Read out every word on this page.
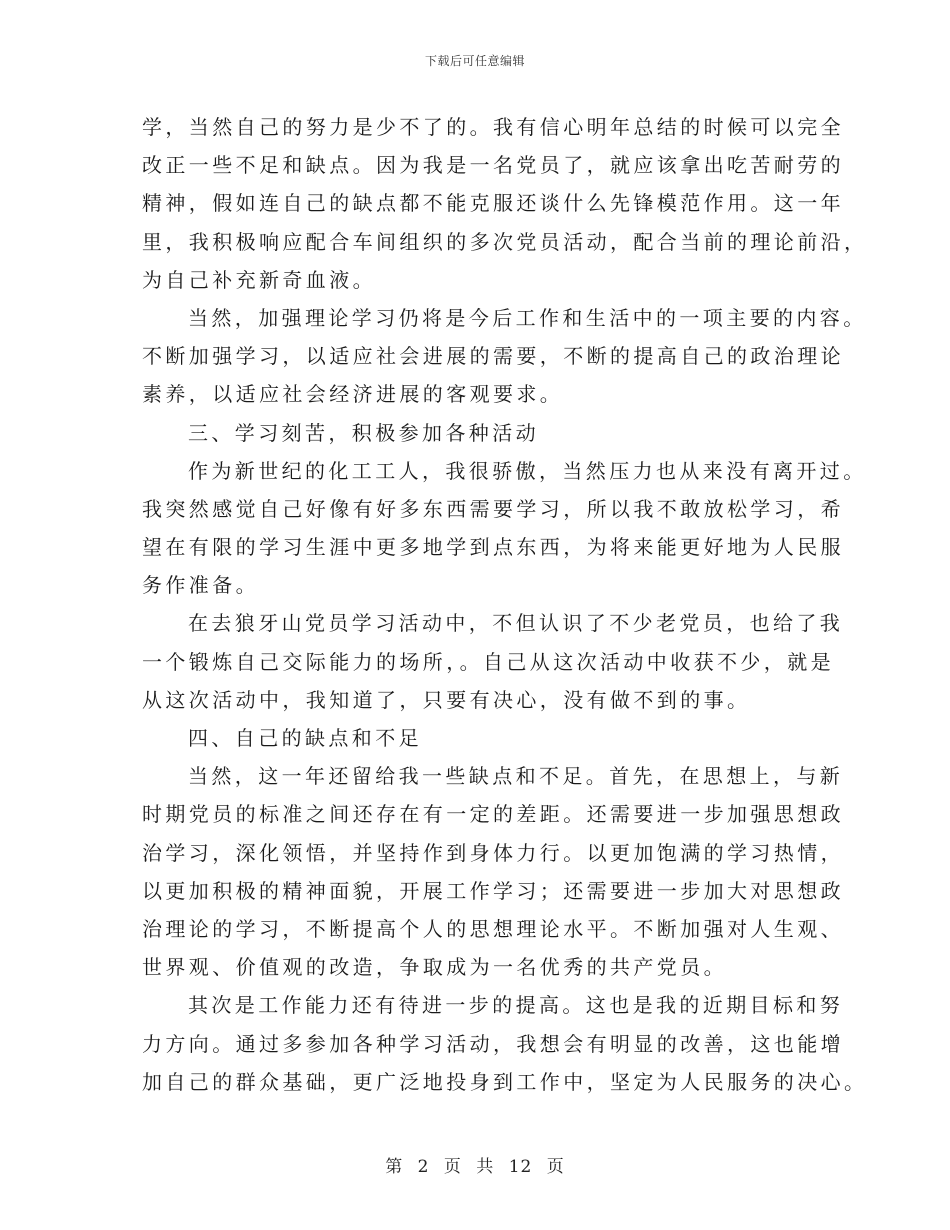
下载后可任意编辑
学，当然自己的努力是少不了的。我有信心明年总结的时候可以完全
改正一些不足和缺点。因为我是一名党员了，就应该拿出吃苦耐劳的
精神，假如连自己的缺点都不能克服还谈什么先锋模范作用。这一年
里，我积极响应配合车间组织的多次党员活动，配合当前的理论前沿，
为自己补充新奇血液。
当然，加强理论学习仍将是今后工作和生活中的一项主要的内容。
不断加强学习，以适应社会进展的需要，不断的提高自己的政治理论
素养，以适应社会经济进展的客观要求。
三、学习刻苦，积极参加各种活动
作为新世纪的化工工人，我很骄傲，当然压力也从来没有离开过。
我突然感觉自己好像有好多东西需要学习，所以我不敢放松学习，希
望在有限的学习生涯中更多地学到点东西，为将来能更好地为人民服
务作准备。
在去狼牙山党员学习活动中，不但认识了不少老党员，也给了我
一个锻炼自己交际能力的场所，。自己从这次活动中收获不少，就是
从这次活动中，我知道了，只要有决心，没有做不到的事。
四、自己的缺点和不足
当然，这一年还留给我一些缺点和不足。首先，在思想上，与新
时期党员的标准之间还存在有一定的差距。还需要进一步加强思想政
治学习，深化领悟，并坚持作到身体力行。以更加饱满的学习热情，
以更加积极的精神面貌，开展工作学习；还需要进一步加大对思想政
治理论的学习，不断提高个人的思想理论水平。不断加强对人生观、
世界观、价值观的改造，争取成为一名优秀的共产党员。
其次是工作能力还有待进一步的提高。这也是我的近期目标和努
力方向。通过多参加各种学习活动，我想会有明显的改善，这也能增
加自己的群众基础，更广泛地投身到工作中，坚定为人民服务的决心。
第 2 页 共 12 页
